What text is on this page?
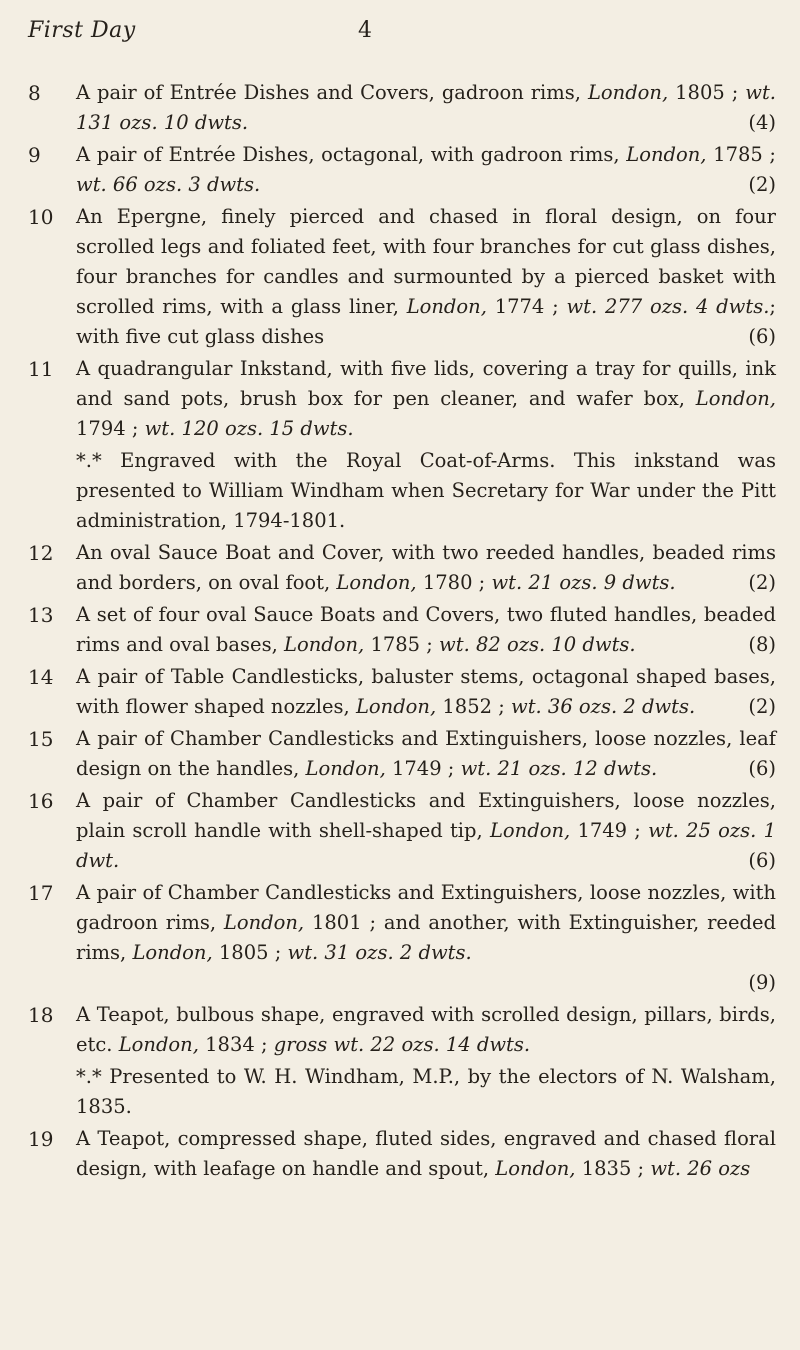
First Day	4
8	A pair of Entrée Dishes and Covers, gadroon rims, London, 1805 ; wt. 131 ozs. 10 dwts.	(4)
9	A pair of Entrée Dishes, octagonal, with gadroon rims, London, 1785 ; wt. 66 ozs. 3 dwts.	(2)
10	An Epergne, finely pierced and chased in floral design, on four scrolled legs and foliated feet, with four branches for cut glass dishes, four branches for candles and surmounted by a pierced basket with scrolled rims, with a glass liner, London, 1774 ; wt. 277 ozs. 4 dwts.; with five cut glass dishes	(6)
11	A quadrangular Inkstand, with five lids, covering a tray for quills, ink and sand pots, brush box for pen cleaner, and wafer box, London, 1794 ; wt. 120 ozs. 15 dwts.
*.* Engraved with the Royal Coat-of-Arms. This inkstand was presented to William Windham when Secretary for War under the Pitt administration, 1794-1801.
12	An oval Sauce Boat and Cover, with two reeded handles, beaded rims and borders, on oval foot, London, 1780 ; wt. 21 ozs. 9 dwts.	(2)
13	A set of four oval Sauce Boats and Covers, two fluted handles, beaded rims and oval bases, London, 1785 ; wt. 82 ozs. 10 dwts.	(8)
14	A pair of Table Candlesticks, baluster stems, octagonal shaped bases, with flower shaped nozzles, London, 1852 ; wt. 36 ozs. 2 dwts.	(2)
15	A pair of Chamber Candlesticks and Extinguishers, loose nozzles, leaf design on the handles, London, 1749 ; wt. 21 ozs. 12 dwts.	(6)
16	A pair of Chamber Candlesticks and Extinguishers, loose nozzles, plain scroll handle with shell-shaped tip, London, 1749 ; wt. 25 ozs. 1 dwt.	(6)
17	A pair of Chamber Candlesticks and Extinguishers, loose nozzles, with gadroon rims, London, 1801 ; and another, with Extinguisher, reeded rims, London, 1805 ; wt. 31 ozs. 2 dwts.
(9)
18	A Teapot, bulbous shape, engraved with scrolled design, pillars, birds, etc. London, 1834 ; gross wt. 22 ozs. 14 dwts.
*.* Presented to W. H. Windham, M.P., by the electors of N. Walsham, 1835.
19	A Teapot, compressed shape, fluted sides, engraved and chased floral design, with leafage on handle and spout, London, 1835 ; wt. 26 ozs
